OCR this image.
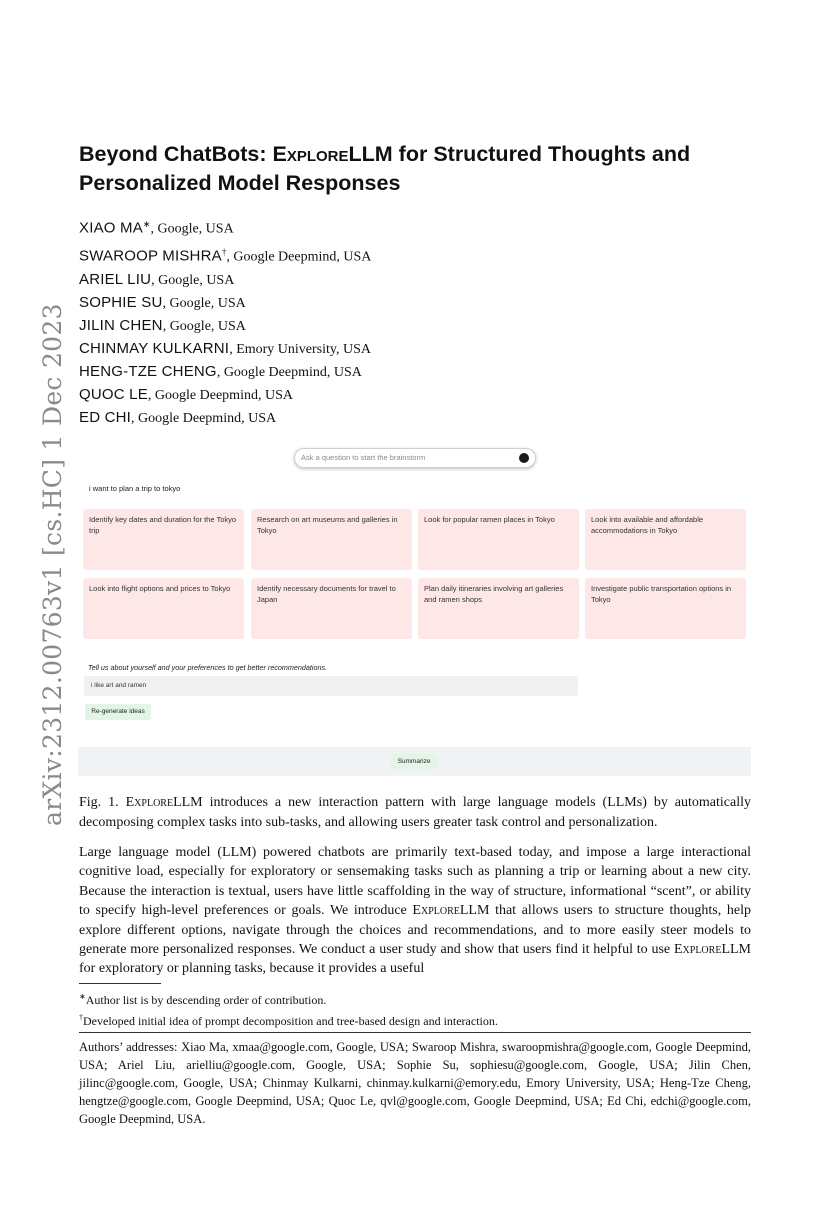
arXiv:2312.00763v1 [cs.HC] 1 Dec 2023
Beyond ChatBots: ExploreLLM for Structured Thoughts and Personalized Model Responses
XIAO MA∗, Google, USA
SWAROOP MISHRA†, Google Deepmind, USA
ARIEL LIU, Google, USA
SOPHIE SU, Google, USA
JILIN CHEN, Google, USA
CHINMAY KULKARNI, Emory University, USA
HENG-TZE CHENG, Google Deepmind, USA
QUOC LE, Google Deepmind, USA
ED CHI, Google Deepmind, USA
Ask a question to start the brainstorm
i want to plan a trip to tokyo
Identify key dates and duration for the Tokyo trip
Research on art museums and galleries in Tokyo
Look for popular ramen places in Tokyo	Look into available and affordable accommodations in Tokyo
Look into flight options and prices to Tokyo	Identify necessary documents for travel to Japan
Plan daily itineraries involving art galleries and ramen shops
Investigate public transportation options in Tokyo
Tell us about yourself and your preferences to get better recommendations.
i like art and ramen
Re-generate ideas
Summarize
Fig. 1. ExploreLLM introduces a new interaction pattern with large language models (LLMs) by automatically decomposing complex tasks into sub-tasks, and allowing users greater task control and personalization.
Large language model (LLM) powered chatbots are primarily text-based today, and impose a large interactional cognitive load, especially for exploratory or sensemaking tasks such as planning a trip or learning about a new city. Because the interaction is textual, users have little scaffolding in the way of structure, informational “scent”, or ability to specify high-level preferences or goals. We introduce ExploreLLM that allows users to structure thoughts, help explore different options, navigate through the choices and recommendations, and to more easily steer models to generate more personalized responses. We conduct a user study and show that users find it helpful to use ExploreLLM for exploratory or planning tasks, because it provides a useful
∗Author list is by descending order of contribution.
†Developed initial idea of prompt decomposition and tree-based design and interaction.
Authors’ addresses: Xiao Ma, xmaa@google.com, Google, USA; Swaroop Mishra, swaroopmishra@google.com, Google Deepmind, USA; Ariel Liu, arielliu@google.com, Google, USA; Sophie Su, sophiesu@google.com, Google, USA; Jilin Chen, jilinc@google.com, Google, USA; Chinmay Kulkarni, chinmay.kulkarni@emory.edu, Emory University, USA; Heng-Tze Cheng, hengtze@google.com, Google Deepmind, USA; Quoc Le, qvl@google.com, Google Deepmind, USA; Ed Chi, edchi@google.com, Google Deepmind, USA.
